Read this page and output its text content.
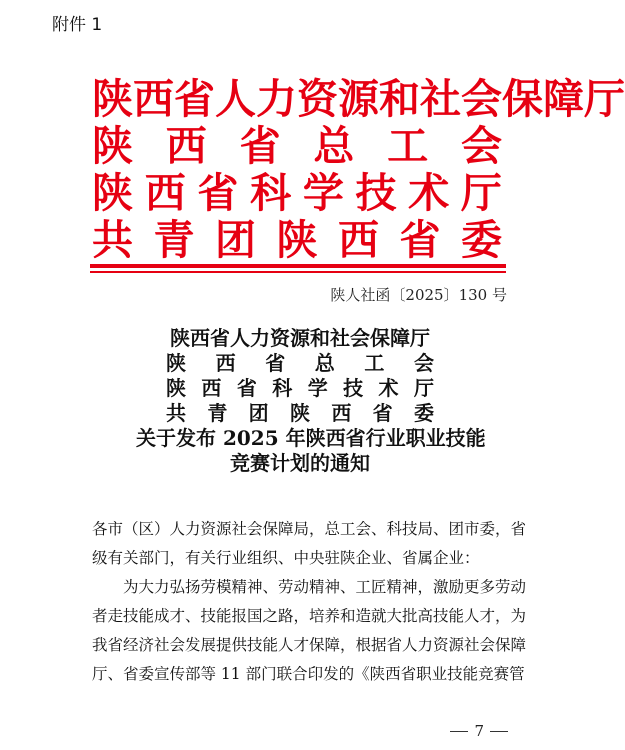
附件 1
陕 西 省 人 力 资 源 和 社 会 保 障 厅
陕 西 省 总 工 会
陕 西 省 科 学 技 术 厅
共 青 团 陕 西 省 委
陕人社函〔2025〕130 号
陕西省人力资源和社会保障厅
陕 西 省 总 工 会
陕 西 省 科 学 技 术 厅
共 青 团 陕 西 省 委
关于发布 2025 年陕西省行业职业技能
竞赛计划的通知

各市（区）人力资源社会保障局，总工会、科技局、团市委，省

级有关部门，有关行业组织、中央驻陕企业、省属企业：

为大力弘扬劳模精神、劳动精神、工匠精神，激励更多劳动

者走技能成才、技能报国之路，培养和造就大批高技能人才，为

我省经济社会发展提供技能人才保障，根据省人力资源社会保障

厅、省委宣传部等 11 部门联合印发的《陕西省职业技能竞赛管

7
